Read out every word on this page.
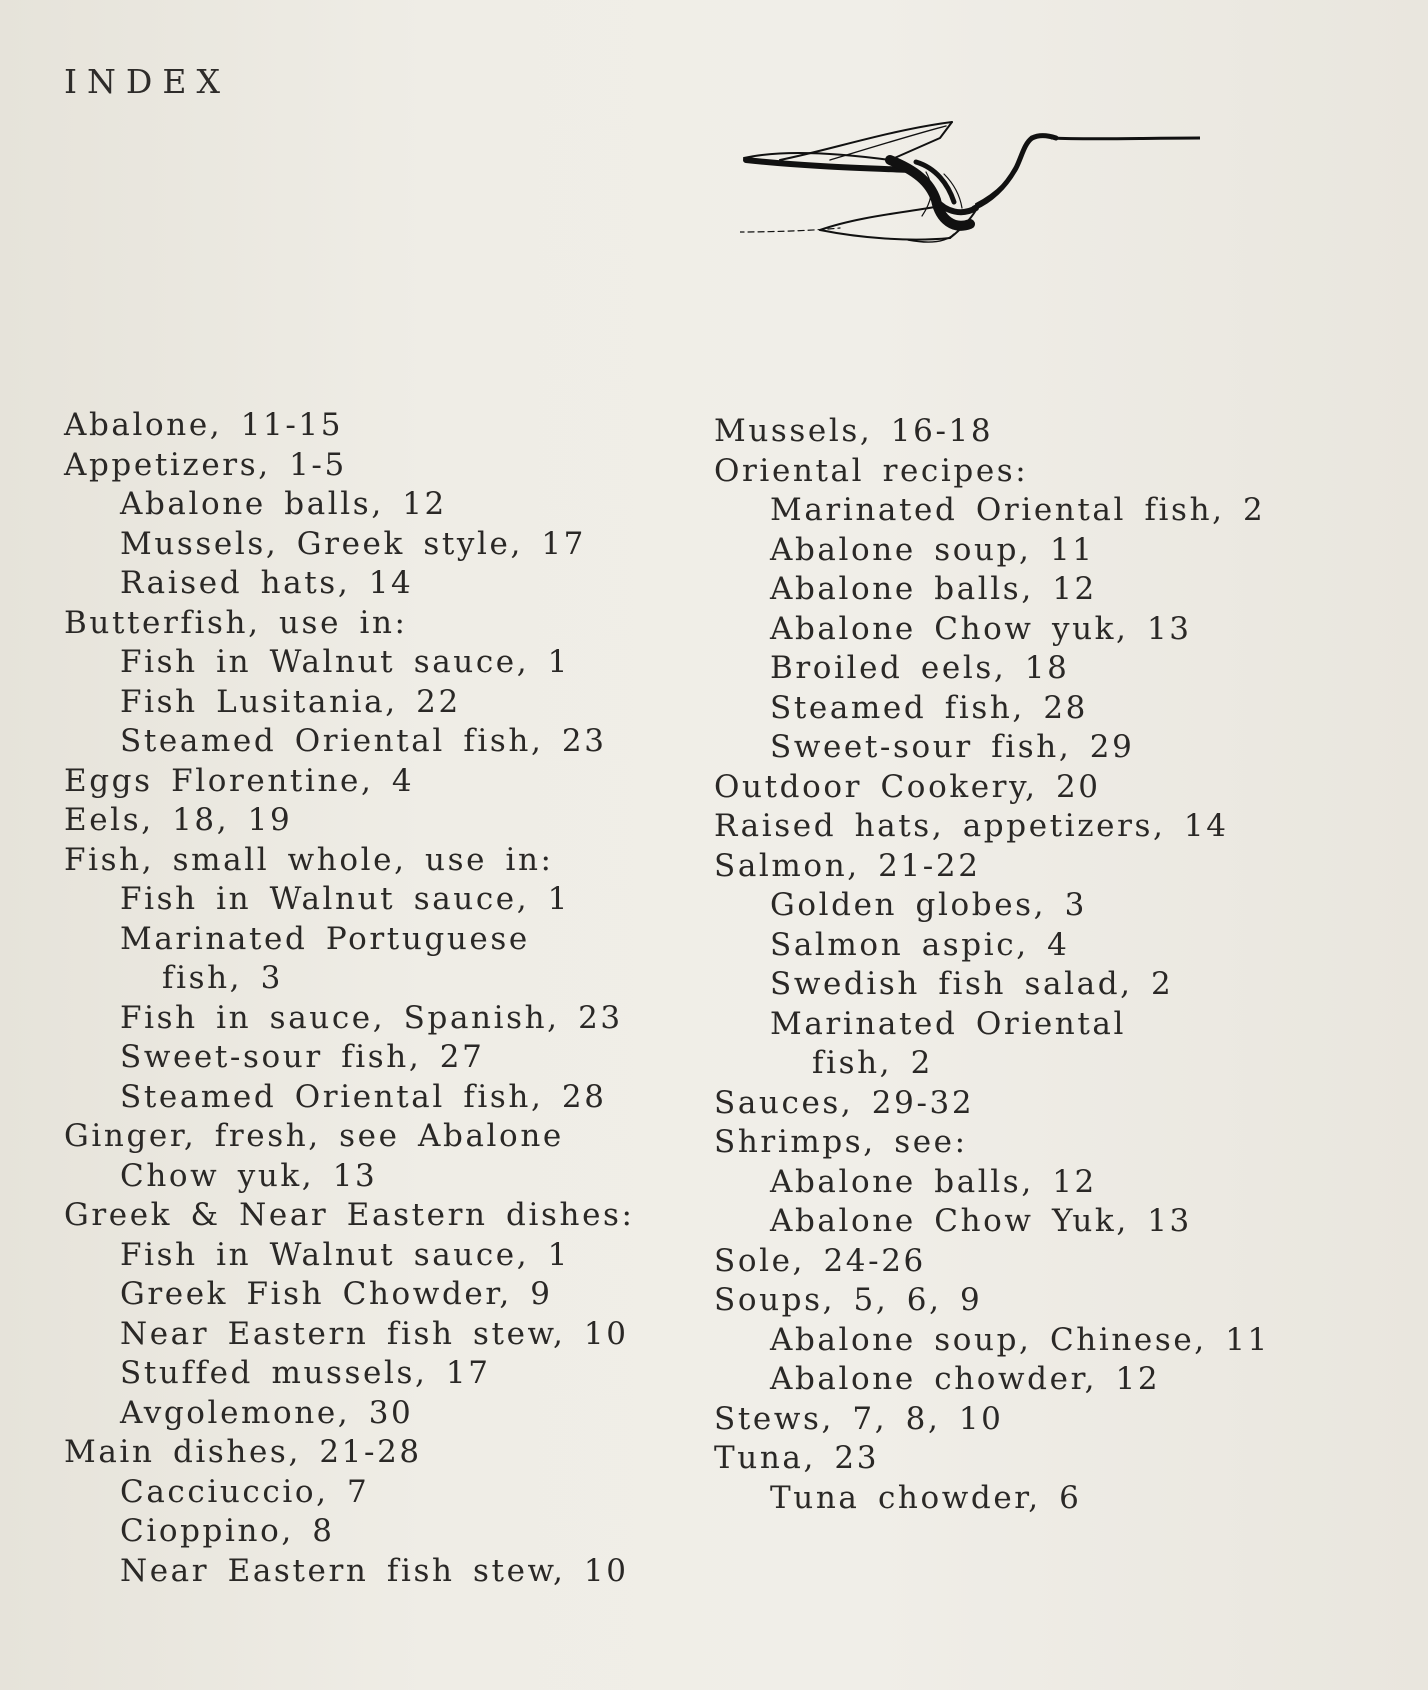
INDEX
Abalone, 11-15
Appetizers, 1-5
Abalone balls, 12
Mussels, Greek style, 17
Raised hats, 14
Butterfish, use in:
Fish in Walnut sauce, 1
Fish Lusitania, 22
Steamed Oriental fish, 23
Eggs Florentine, 4
Eels, 18, 19
Fish, small whole, use in:
Fish in Walnut sauce, 1
Marinated Portuguese
fish, 3
Fish in sauce, Spanish, 23
Sweet-sour fish, 27
Steamed Oriental fish, 28
Ginger, fresh, see Abalone
Chow yuk, 13
Greek & Near Eastern dishes:
Fish in Walnut sauce, 1
Greek Fish Chowder, 9
Near Eastern fish stew, 10
Stuffed mussels, 17
Avgolemone, 30
Main dishes, 21-28
Cacciuccio, 7
Cioppino, 8
Near Eastern fish stew, 10
Mussels, 16-18
Oriental recipes:
Marinated Oriental fish, 2
Abalone soup, 11
Abalone balls, 12
Abalone Chow yuk, 13
Broiled eels, 18
Steamed fish, 28
Sweet-sour fish, 29
Outdoor Cookery, 20
Raised hats, appetizers, 14
Salmon, 21-22
Golden globes, 3
Salmon aspic, 4
Swedish fish salad, 2
Marinated Oriental
fish, 2
Sauces, 29-32
Shrimps, see:
Abalone balls, 12
Abalone Chow Yuk, 13
Sole, 24-26
Soups, 5, 6, 9
Abalone soup, Chinese, 11
Abalone chowder, 12
Stews, 7, 8, 10
Tuna, 23
Tuna chowder, 6
